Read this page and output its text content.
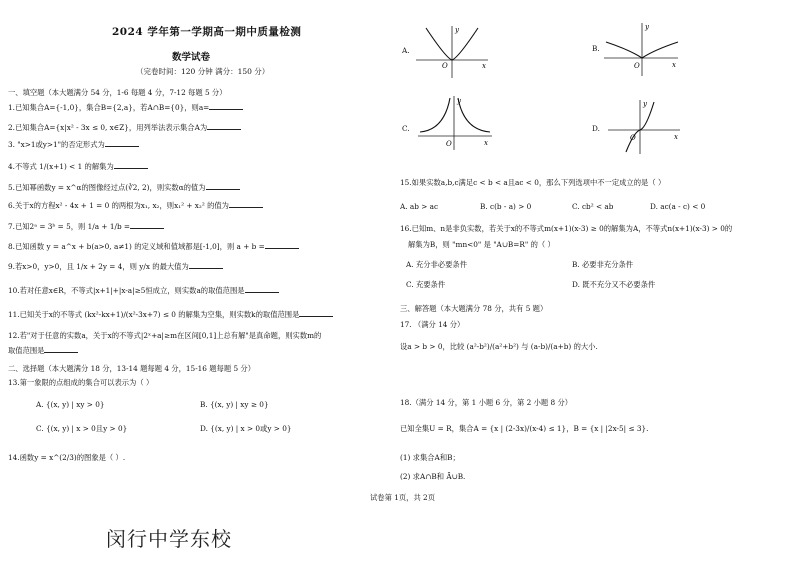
2024 学年第一学期高一期中质量检测
数学试卷
（完卷时间：120 分钟 满分：150 分）
一、填空题（本大题满分 54 分，1-6 每题 4 分，7-12 每题 5 分）
1.已知集合A={-1,0}，集合B={2,a}，若A∩B={0}，则a=
2.已知集合A={x|x² - 3x ≤ 0, x∈Z}，用列举法表示集合A为
3. "x>1或y>1"的否定形式为
4.不等式 1/(x+1) < 1 的解集为
5.已知幂函数y = x^α的图像经过点(∛2, 2)，则实数α的值为
6.关于x的方程x² - 4x + 1 = 0 的两根为x₁, x₂，则x₁² + x₂² 的值为
7.已知2ᵃ = 3ᵇ = 5，则 1/a + 1/b =
8.已知函数 y = a^x + b(a>0, a≠1) 的定义域和值域都是[-1,0]，则 a + b =
9.若x>0，y>0，且 1/x + 2y = 4，则 y/x 的最大值为
10.若对任意x∈R，不等式|x+1|+|x-a|≥5恒成立，则实数a的取值范围是
11.已知关于x的不等式 (kx²-kx+1)/(x²-3x+7) ≤ 0 的解集为空集，则实数k的取值范围是
12.若"对于任意的实数a，关于x的不等式|2ˣ+a|≥m在区间[0,1]上总有解"是真命题，则实数m的
取值范围是
二、选择题（本大题满分 18 分，13-14 题每题 4 分，15-16 题每题 5 分）
13.第一象限的点组成的集合可以表示为（ ）
A. {(x, y) | xy > 0}	B. {(x, y) | xy ≥ 0}
C. {(x, y) | x > 0且y > 0}	D. {(x, y) | x > 0或y > 0}
14.函数y = x^(2/3)的图象是（ ）.
A.	B.
C.	D.
y
x
O
y
x
O
y
x
O
y
x
O
15.如果实数a,b,c满足c < b < a且ac < 0，那么下列选项中不一定成立的是（ ）
A. ab > ac	B. c(b - a) > 0	C. cb² < ab	D. ac(a - c) < 0
16.已知m、n是非负实数，若关于x的不等式m(x+1)(x-3) ≥ 0的解集为A，不等式n(x+1)(x-3) > 0的
解集为B，则 "mn<0" 是 "A∪B=R" 的（ ）
A. 充分非必要条件	B. 必要非充分条件
C. 充要条件	D. 既不充分又不必要条件
三、解答题（本大题满分 78 分，共有 5 题）
17. （满分 14 分）
设a > b > 0，比较 (a²-b²)/(a²+b²) 与 (a-b)/(a+b) 的大小.
18.（满分 14 分，第 1 小题 6 分，第 2 小题 8 分）
已知全集U = R，集合A = {x | (2-3x)/(x-4) ≤ 1}，B = {x | |2x-5| ≤ 3}.
(1) 求集合A和B；
(2) 求A∩B和 Ā∪B.
试卷第 1页，共 2页
闵行中学东校
